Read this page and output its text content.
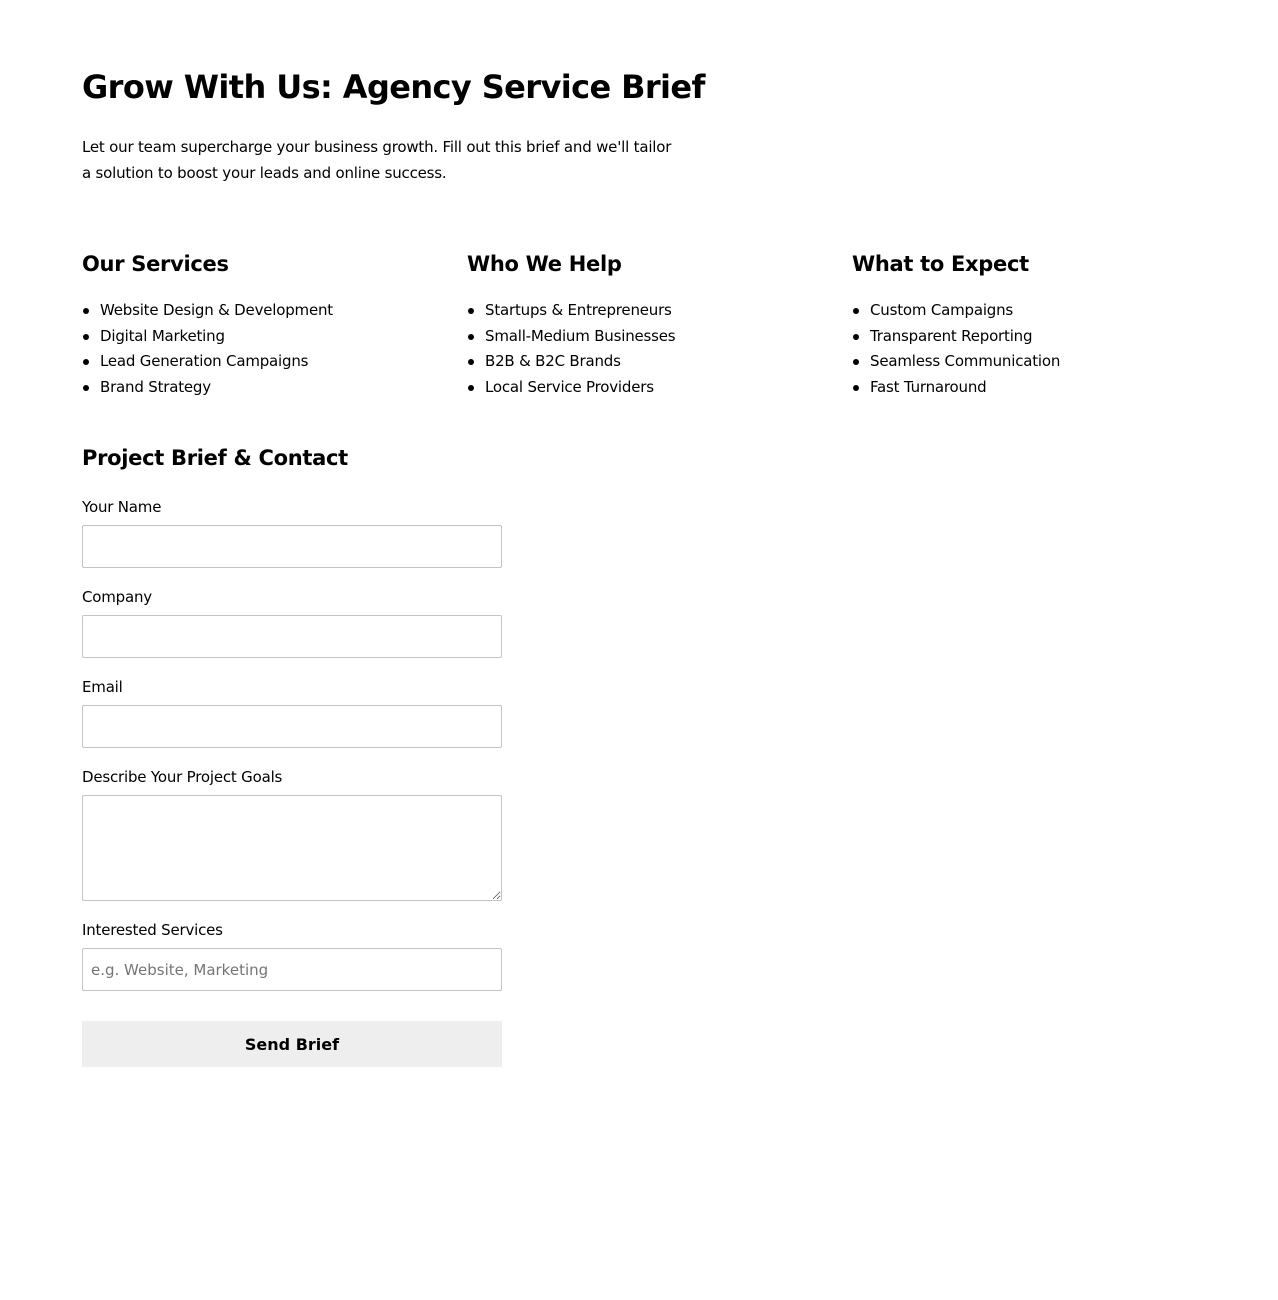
Grow With Us: Agency Service Brief

Let our team supercharge your business growth. Fill out this brief and we'll tailor a solution to boost your leads and online success.

Our Services
Website Design & Development
Digital Marketing
Lead Generation Campaigns
Brand Strategy
Who We Help
Startups & Entrepreneurs
Small-Medium Businesses
B2B & B2C Brands
Local Service Providers
What to Expect
Custom Campaigns
Transparent Reporting
Seamless Communication
Fast Turnaround
Project Brief & Contact
Your Name
Company
Email
Describe Your Project Goals
Interested Services
e.g. Website, Marketing
Send Brief
